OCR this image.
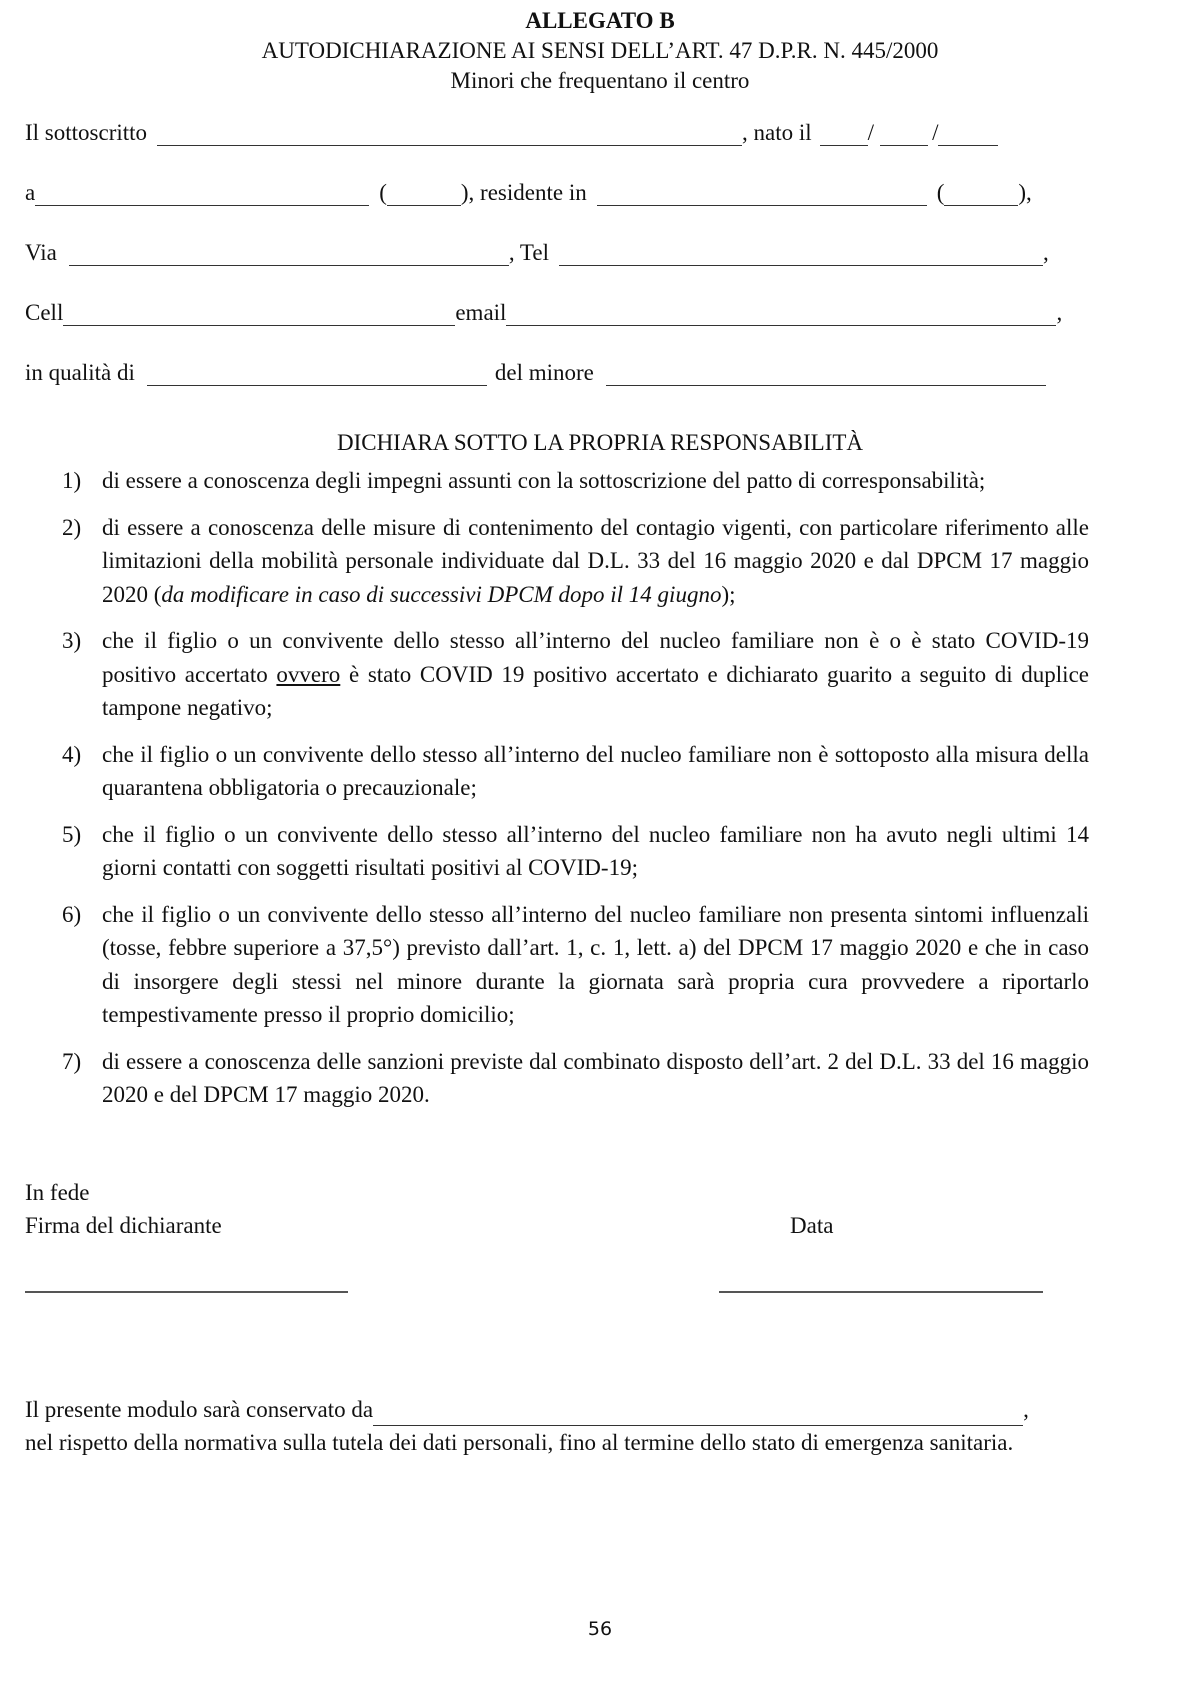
ALLEGATO B
AUTODICHIARAZIONE AI SENSI DELL’ART. 47 D.P.R. N. 445/2000
Minori che frequentano il centro
Il sottoscritto	, nato il /	/
a	(	), residente in	(	),
Via	, Tel	,
Cell	email	,
in qualità di	del minore
DICHIARA SOTTO LA PROPRIA RESPONSABILITÀ
1) di essere a conoscenza degli impegni assunti con la sottoscrizione del patto di corresponsabilità;
2) di essere a conoscenza delle misure di contenimento del contagio vigenti, con particolare riferimento alle limitazioni della mobilità personale individuate dal D.L. 33 del 16 maggio 2020 e dal DPCM 17 maggio 2020 (da modificare in caso di successivi DPCM dopo il 14 giugno);
3) che il figlio o un convivente dello stesso all’interno del nucleo familiare non è o è stato COVID-19 positivo accertato ovvero è stato COVID 19 positivo accertato e dichiarato guarito a seguito di duplice tampone negativo;
4) che il figlio o un convivente dello stesso all’interno del nucleo familiare non è sottoposto alla misura della quarantena obbligatoria o precauzionale;
5) che il figlio o un convivente dello stesso all’interno del nucleo familiare non ha avuto negli ultimi 14 giorni contatti con soggetti risultati positivi al COVID-19;
6) che il figlio o un convivente dello stesso all’interno del nucleo familiare non presenta sintomi influenzali (tosse, febbre superiore a 37,5°) previsto dall’art. 1, c. 1, lett. a) del DPCM 17 maggio 2020 e che in caso di insorgere degli stessi nel minore durante la giornata sarà propria cura provvedere a riportarlo tempestivamente presso il proprio domicilio;
7) di essere a conoscenza delle sanzioni previste dal combinato disposto dell’art. 2 del D.L. 33 del 16 maggio 2020 e del DPCM 17 maggio 2020.
In fede
Firma del dichiarante	Data
Il presente modulo sarà conservato da	,
nel rispetto della normativa sulla tutela dei dati personali, fino al termine dello stato di emergenza sanitaria.
56
